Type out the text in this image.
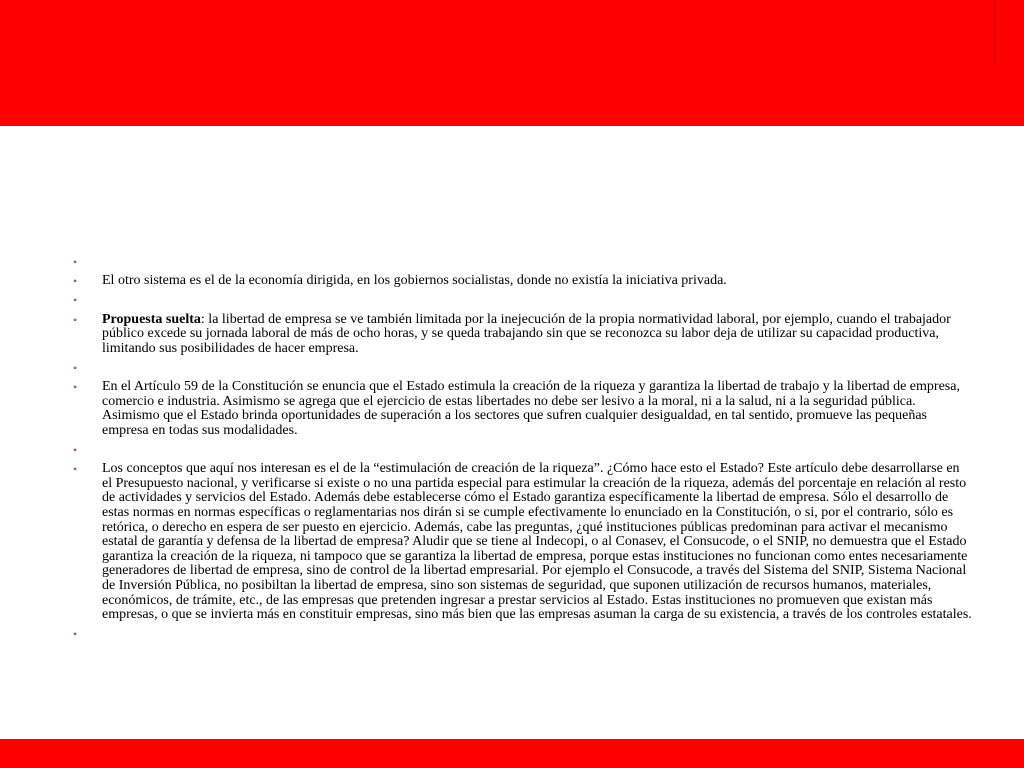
•
• El otro sistema es el de la economía dirigida, en los gobiernos socialistas, donde no existía la iniciativa privada.
•
• Propuesta suelta: la libertad de empresa se ve también limitada por la inejecución de la propia normatividad laboral, por ejemplo, cuando el trabajador público excede su jornada laboral de más de ocho horas, y se queda trabajando sin que se reconozca su labor deja de utilizar su capacidad productiva, limitando sus posibilidades de hacer empresa.
•
• En el Artículo 59 de la Constitución se enuncia que el Estado estimula la creación de la riqueza y garantiza la libertad de trabajo y la libertad de empresa, comercio e industria. Asimismo se agrega que el ejercicio de estas libertades no debe ser lesivo a la moral, ni a la salud, ni a la seguridad pública. Asimismo que el Estado brinda oportunidades de superación a los sectores que sufren cualquier desigualdad, en tal sentido, promueve las pequeñas empresa en todas sus modalidades.
•
• Los conceptos que aquí nos interesan es el de la “estimulación de creación de la riqueza”. ¿Cómo hace esto el Estado? Este artículo debe desarrollarse en el Presupuesto nacional, y verificarse si existe o no una partida especial para estimular la creación de la riqueza, además del porcentaje en relación al resto de actividades y servicios del Estado. Además debe establecerse cómo el Estado garantiza específicamente la libertad de empresa. Sólo el desarrollo de estas normas en normas específicas o reglamentarias nos dirán si se cumple efectivamente lo enunciado en la Constitución, o si, por el contrario, sólo es retórica, o derecho en espera de ser puesto en ejercicio. Además, cabe las preguntas, ¿qué instituciones públicas predominan para activar el mecanismo estatal de garantía y defensa de la libertad de empresa? Aludir que se tiene al Indecopi, o al Conasev, el Consucode, o el SNIP, no demuestra que el Estado garantiza la creación de la riqueza, ni tampoco que se garantiza la libertad de empresa, porque estas instituciones no funcionan como entes necesariamente generadores de libertad de empresa, sino de control de la libertad empresarial. Por ejemplo el Consucode, a través del Sistema del SNIP, Sistema Nacional de Inversión Pública, no posibiltan la libertad de empresa, sino son sistemas de seguridad, que suponen utilización de recursos humanos, materiales, económicos, de trámite, etc., de las empresas que pretenden ingresar a prestar servicios al Estado. Estas instituciones no promueven que existan más empresas, o que se invierta más en constituir empresas, sino más bien que las empresas asuman la carga de su existencia, a través de los controles estatales.
•
